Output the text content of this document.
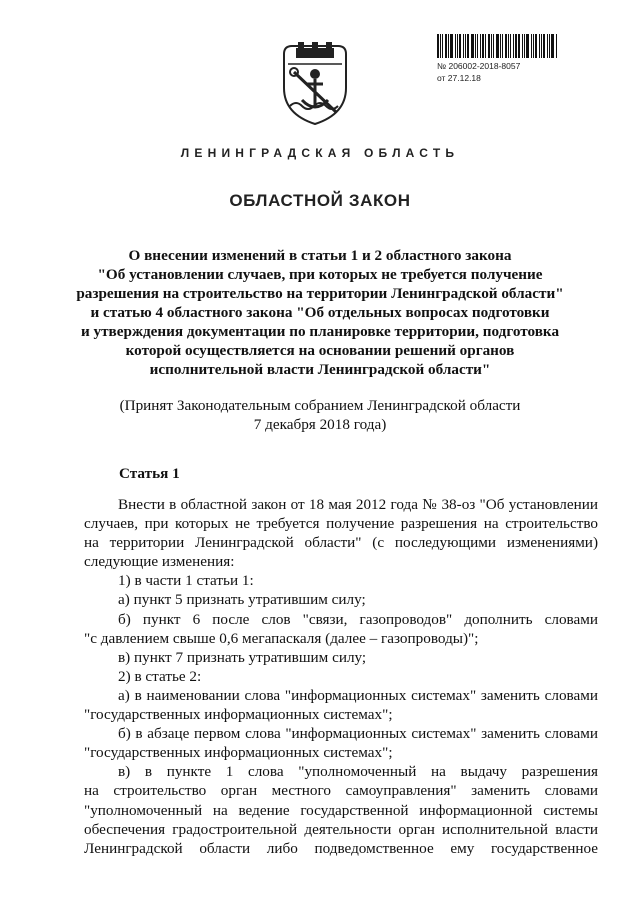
№ 206002-2018-8057
от 27.12.18
ЛЕНИНГРАДСКАЯ ОБЛАСТЬ
ОБЛАСТНОЙ ЗАКОН
О внесении изменений в статьи 1 и 2 областного закона
"Об установлении случаев, при которых не требуется получение
разрешения на строительство на территории Ленинградской области"
и статью 4 областного закона "Об отдельных вопросах подготовки
и утверждения документации по планировке территории, подготовка
которой осуществляется на основании решений органов
исполнительной власти Ленинградской области"
(Принят Законодательным собранием Ленинградской области
7 декабря 2018 года)
Статья 1
Внести в областной закон от 18 мая 2012 года № 38-оз "Об установлении
случаев, при которых не требуется получение разрешения на строительство
на территории Ленинградской области" (с последующими изменениями)
следующие изменения:
1) в части 1 статьи 1:
а) пункт 5 признать утратившим силу;
б) пункт 6 после слов "связи, газопроводов" дополнить словами
"с давлением свыше 0,6 мегапаскаля (далее – газопроводы)";
в) пункт 7 признать утратившим силу;
2) в статье 2:
а) в наименовании слова "информационных системах" заменить словами
"государственных информационных системах";
б) в абзаце первом слова "информационных системах" заменить словами
"государственных информационных системах";
в) в пункте 1 слова "уполномоченный на выдачу разрешения
на строительство орган местного самоуправления" заменить словами
"уполномоченный на ведение государственной информационной системы
обеспечения градостроительной деятельности орган исполнительной власти
Ленинградской области либо подведомственное ему государственное
